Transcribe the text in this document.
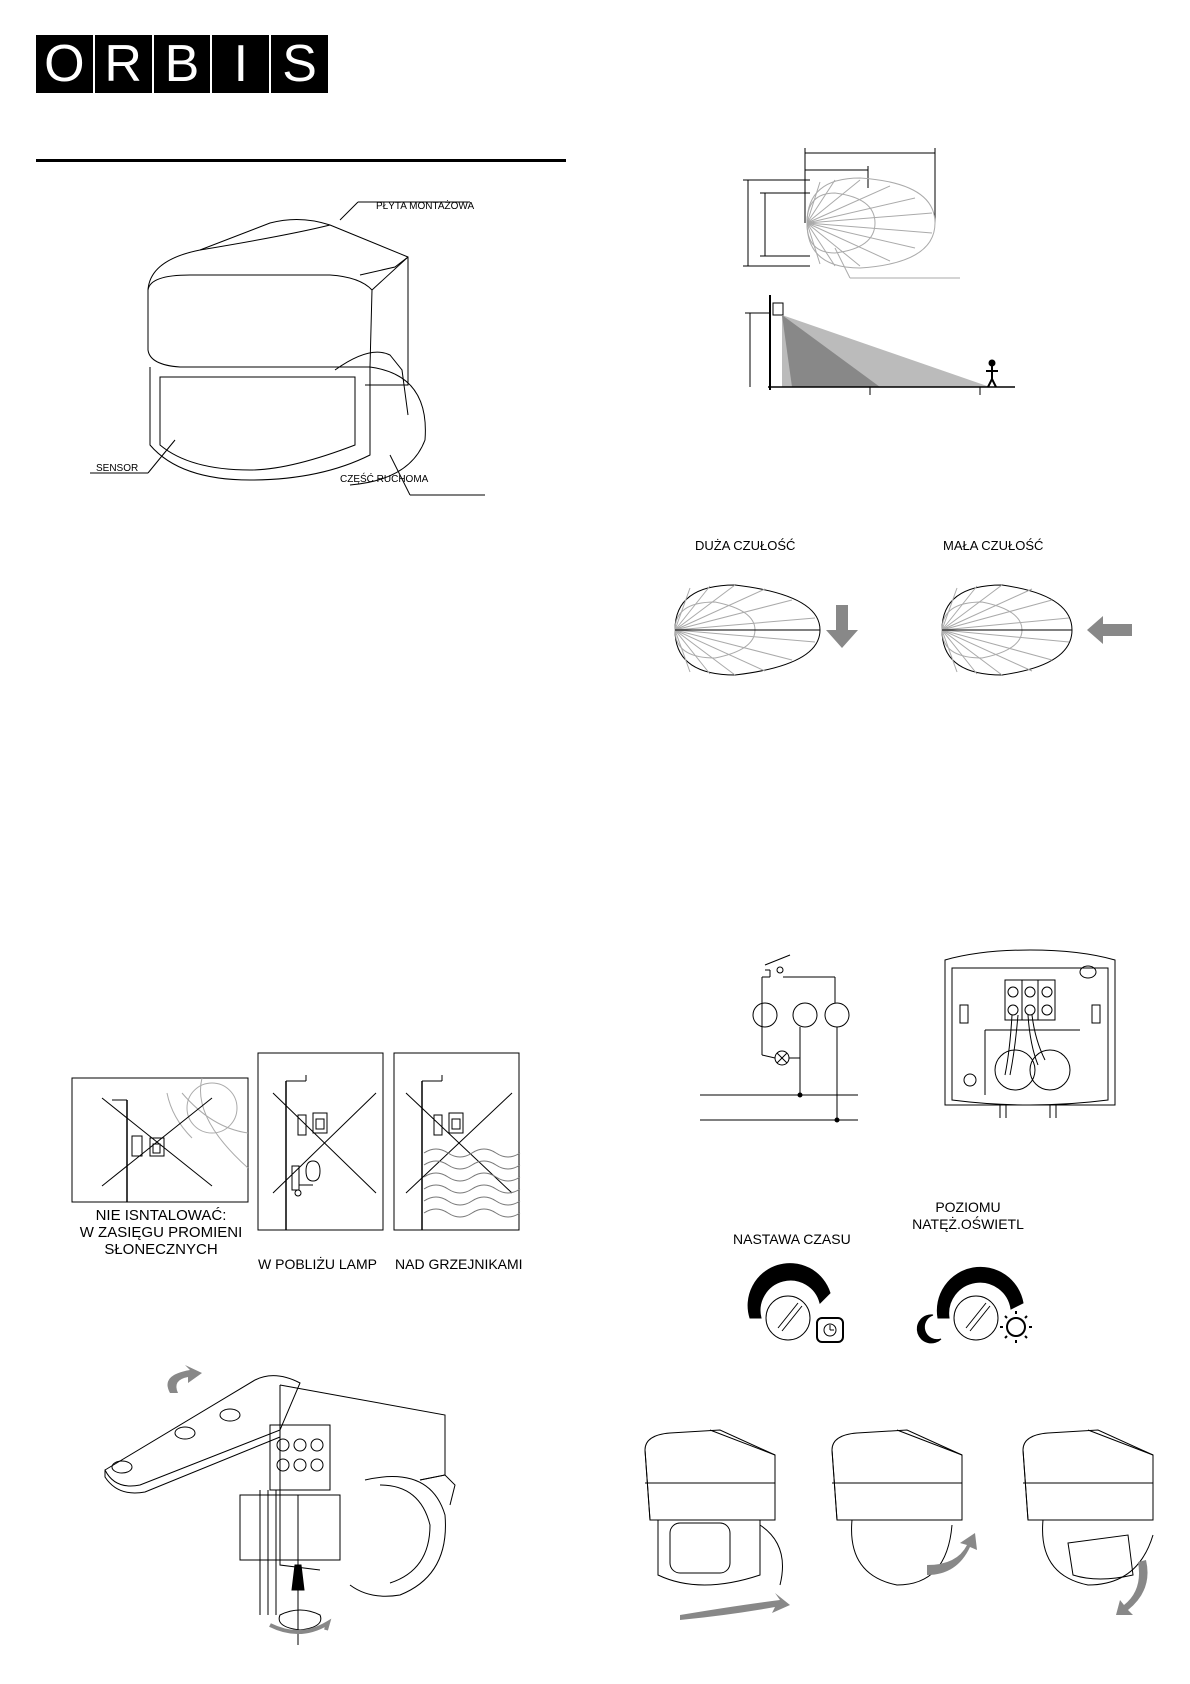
O R B I S
PŁYTA MONTAŻOWA
SENSOR
CZĘŚĆ RUCHOMA
DUŻA CZUŁOŚĆ	MAŁA CZUŁOŚĆ
NIE ISNTALOWAĆ:
W ZASIĘGU PROMIENI
SŁONECZNYCH
W POBLIŻU LAMP NAD GRZEJNIKAMI
NASTAWA CZASU
POZIOMU
NATĘŻ.OŚWIETL
